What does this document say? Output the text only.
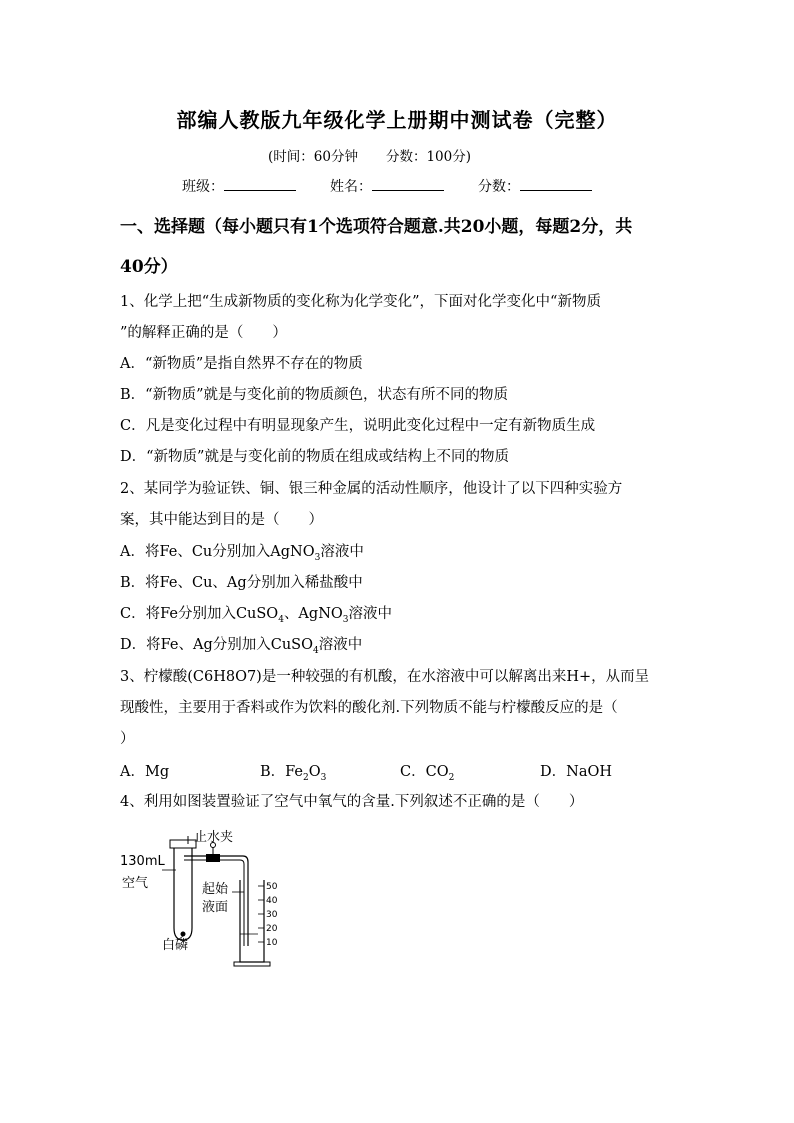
部编人教版九年级化学上册期中测试卷（完整）
(时间：60分钟 分数：100分)
班级：	姓名：	分数：
一、选择题（每小题只有1个选项符合题意.共20小题，每题2分，共
40分）
1、化学上把“生成新物质的变化称为化学变化”，下面对化学变化中“新物质
”的解释正确的是（　　）
A．“新物质”是指自然界不存在的物质
B．“新物质”就是与变化前的物质颜色，状态有所不同的物质
C．凡是变化过程中有明显现象产生，说明此变化过程中一定有新物质生成
D．“新物质”就是与变化前的物质在组成或结构上不同的物质
2、某同学为验证铁、铜、银三种金属的活动性顺序，他设计了以下四种实验方
案，其中能达到目的是（　　）
A．将Fe、Cu分别加入AgNO$_3$溶液中
B．将Fe、Cu、Ag分别加入稀盐酸中
C．将Fe分别加入CuSO$_4$、AgNO$_3$溶液中
D．将Fe、Ag分别加入CuSO$_4$溶液中
3、柠檬酸(C6H8O7)是一种较强的有机酸，在水溶液中可以解离出来H+，从而呈
现酸性，主要用于香料或作为饮料的酸化剂.下列物质不能与柠檬酸反应的是（
）
A．Mg	B．$Fe_2O_3$	C．$CO_2$	D．NaOH
4、利用如图装置验证了空气中氧气的含量.下列叙述不正确的是（　　）
50
40
30
20
10
止水夹
130mL
空气	起始
液面
白磷
